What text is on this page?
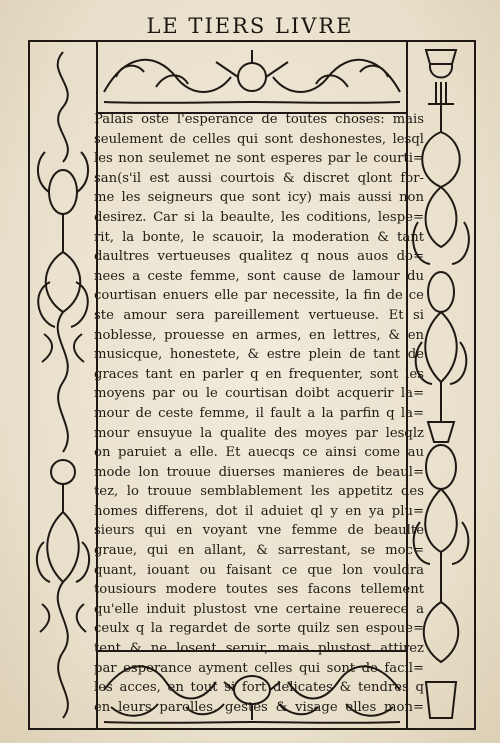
LE TIERS LIVRE
Palais oste l'esperance de toutes choses: mais
seulement de celles qui sont deshonestes, lesql
les non seulemet ne sont esperes par le courti=
san(s'il est aussi courtois & discret qlont for-
me les seigneurs que sont icy) mais aussi non
desirez. Car si la beaulte, les coditions, lespe=
rit, la bonte, le scauoir, la moderation & tant
daultres vertueuses qualitez q nous auos do=
nees a ceste femme, sont cause de lamour du
courtisan enuers elle par necessite, la fin de ce
ste amour sera pareillement vertueuse. Et si
noblesse, prouesse en armes, en lettres, & en
musicque, honestete, & estre plein de tant de
graces tant en parler q en frequenter, sont les
moyens par ou le courtisan doibt acquerir la=
mour de ceste femme, il fault a la parfin q la=
mour ensuyue la qualite des moyes par lesqlz
on paruiet a elle. Et auecqs ce ainsi come au
mode lon trouue diuerses manieres de beaul=
tez, lo trouue semblablement les appetitz des
homes differens, dot il aduiet ql y en ya plu=
sieurs qui en voyant vne femme de beaulte
graue, qui en allant, & sarrestant, se moc=
quant, iouant ou faisant ce que lon vouldra
tousiours modere toutes ses facons tellement
qu'elle induit plustost vne certaine reuerece a
ceulx q la regardet de sorte quilz sen espoue=
tent & ne losent seruir, mais plustost attirez
par esperance ayment celles qui sont de facil=
les acces, en tout si fort delicates & tendres q
en leurs parolles, gestes & visage elles mon=
